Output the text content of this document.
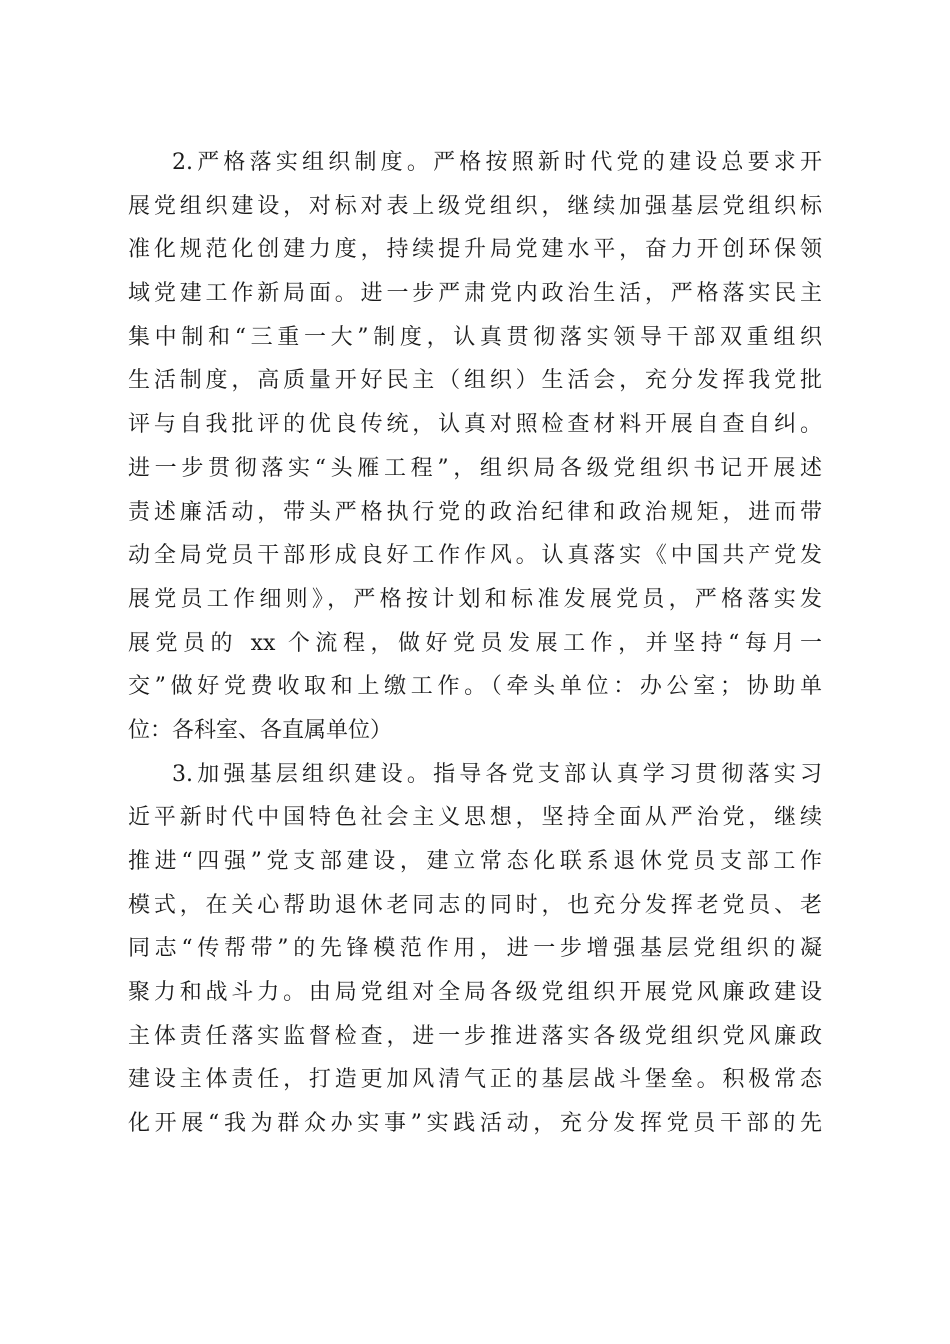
2.严格落实组织制度。严格按照新时代党的建设总要求开
展党组织建设，对标对表上级党组织，继续加强基层党组织标
准化规范化创建力度，持续提升局党建水平，奋力开创环保领
域党建工作新局面。进一步严肃党内政治生活，严格落实民主
集中制和“三重一大”制度，认真贯彻落实领导干部双重组织
生活制度，高质量开好民主（组织）生活会，充分发挥我党批
评与自我批评的优良传统，认真对照检查材料开展自查自纠。
进一步贯彻落实“头雁工程”，组织局各级党组织书记开展述
责述廉活动，带头严格执行党的政治纪律和政治规矩，进而带
动全局党员干部形成良好工作作风。认真落实《中国共产党发
展党员工作细则》，严格按计划和标准发展党员，严格落实发
展党员的 xx 个流程，做好党员发展工作，并坚持“每月一
交”做好党费收取和上缴工作。（牵头单位：办公室；协助单
位：各科室、各直属单位）
3.加强基层组织建设。指导各党支部认真学习贯彻落实习
近平新时代中国特色社会主义思想，坚持全面从严治党，继续
推进“四强”党支部建设，建立常态化联系退休党员支部工作
模式，在关心帮助退休老同志的同时，也充分发挥老党员、老
同志“传帮带”的先锋模范作用，进一步增强基层党组织的凝
聚力和战斗力。由局党组对全局各级党组织开展党风廉政建设
主体责任落实监督检查，进一步推进落实各级党组织党风廉政
建设主体责任，打造更加风清气正的基层战斗堡垒。积极常态
化开展“我为群众办实事”实践活动，充分发挥党员干部的先
